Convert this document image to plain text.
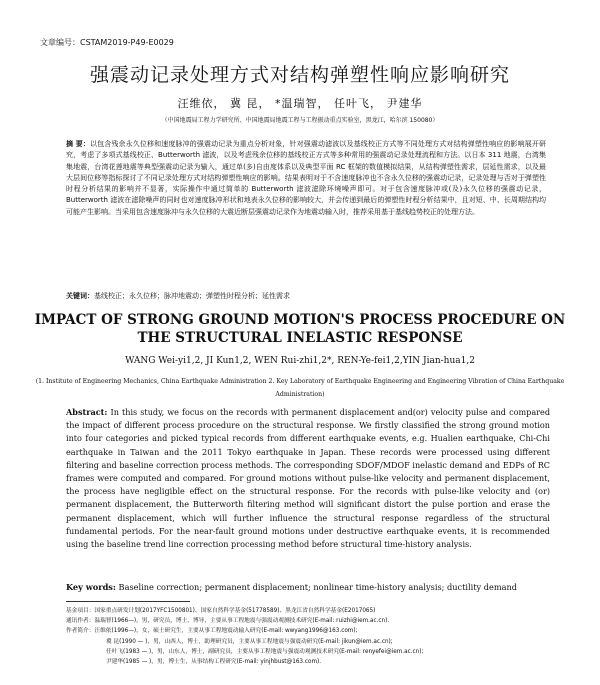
文章编号：CSTAM2019-P49-E0029
强震动记录处理方式对结构弹塑性响应影响研究
汪维依， 冀 昆， *温瑞智， 任叶飞， 尹建华
（中国地震局工程力学研究所、中国地震局地震工程与工程振动重点实验室，黑龙江，哈尔滨 150080）
摘 要：以包含残余永久位移和速度脉冲的强震动记录为重点分析对象，针对强震动滤波以及基线校正方式等不同处理方式对结构弹塑性响应的影响展开研究，考虑了多项式基线校正、Butterworth 滤波，以及考虑残余位移的基线校正方式等多种常用的强震动记录处理流程和方法。以日本 311 地震，台湾集集地震，台湾花莲地震等典型强震动记录为输入，通过单(多)自由度体系以及典型平面 RC 框架的数值模拟结果，从结构弹塑性需求，层延性需求，以及最大层间位移等指标探讨了不同记录处理方式对结构弹塑性响应的影响。结果表明对于不含速度脉冲也不含永久位移的强震动记录，记录处理与否对于弹塑性时程分析结果的影响并不显著，实际操作中通过简单的 Butterworth 滤波滤除环境噪声即可。对于包含速度脉冲或(及)永久位移的强震动记录，Butterworth 滤波在滤除噪声的同时也对速度脉冲形状和地表永久位移的影响较大，并会传递到最后的弹塑性时程分析结果中，且对短、中、长周期结构均可能产生影响。当采用包含速度脉冲与永久位移的大震近断层强震动记录作为地震动输入时，推荐采用基于基线趋势校正的处理方法。
关键词：基线校正；永久位移；脉冲地震动；弹塑性时程分析；延性需求
IMPACT OF STRONG GROUND MOTION'S PROCESS PROCEDURE ON
THE STRUCTURAL INELASTIC RESPONSE
WANG Wei-yi1,2, JI Kun1,2, WEN Rui-zhi1,2*, REN-Ye-fei1,2,YIN Jian-hua1,2
(1. Institute of Engineering Mechanics, China Earthquake Administration 2. Key Laboratory of Earthquake Engineering and Engineering Vibration of China Earthquake Administration)
Abstract: In this study, we focus on the records with permanent displacement and(or) velocity pulse and compared the impact of different process procedure on the structural response. We firstly classified the strong ground motion into four categories and picked typical records from different earthquake events, e.g. Hualien earthquake, Chi-Chi earthquake in Taiwan and the 2011 Tokyo earthquake in Japan. These records were processed using different filtering and baseline correction process methods. The corresponding SDOF/MDOF inelastic demand and EDPs of RC frames were computed and compared. For ground motions without pulse-like velocity and permanent displacement, the process have negligible effect on the structural response. For the records with pulse-like velocity and (or) permanent displacement, the Butterworth filtering method will significant distort the pulse portion and erase the permanent displacement, which will further influence the structural response regardless of the structural fundamental periods. For the near-fault ground motions under destructive earthquake events, it is recommended using the baseline trend line correction processing method before structural time-history analysis.
Key words: Baseline correction; permanent displacement; nonlinear time-history analysis; ductility demand
基金项目：国家重点研发计划(2017YFC1500801)、国家自然科学基金(51778589)、黑龙江省自然科学基金(E2017065)
通讯作者：温瑞智(1966—)，男，研究员，博士，博导，主要从事工程地震与强震动观测技术研究(E-mail: ruizhi@iem.ac.cn).
作者简介：汪维依(1996—)，女，硕士研究生，主要从事工程地震动输入研究(E-mail: wwyang1996@163.com);
冀 昆(1990 — )，男，山西人，博士，助理研究员，主要从事工程地震与强震动研究(E-mail: jikun@iem.ac.cn);
任叶飞(1983 — )，男，山东人，博士，副研究员，主要从事工程地震与强震动观测技术研究(E-mail: renyefei@iem.ac.cn);
尹建华(1985 — )，男，博士生，从事结构工程研究(E-mail: yinjhbust@163.com).
